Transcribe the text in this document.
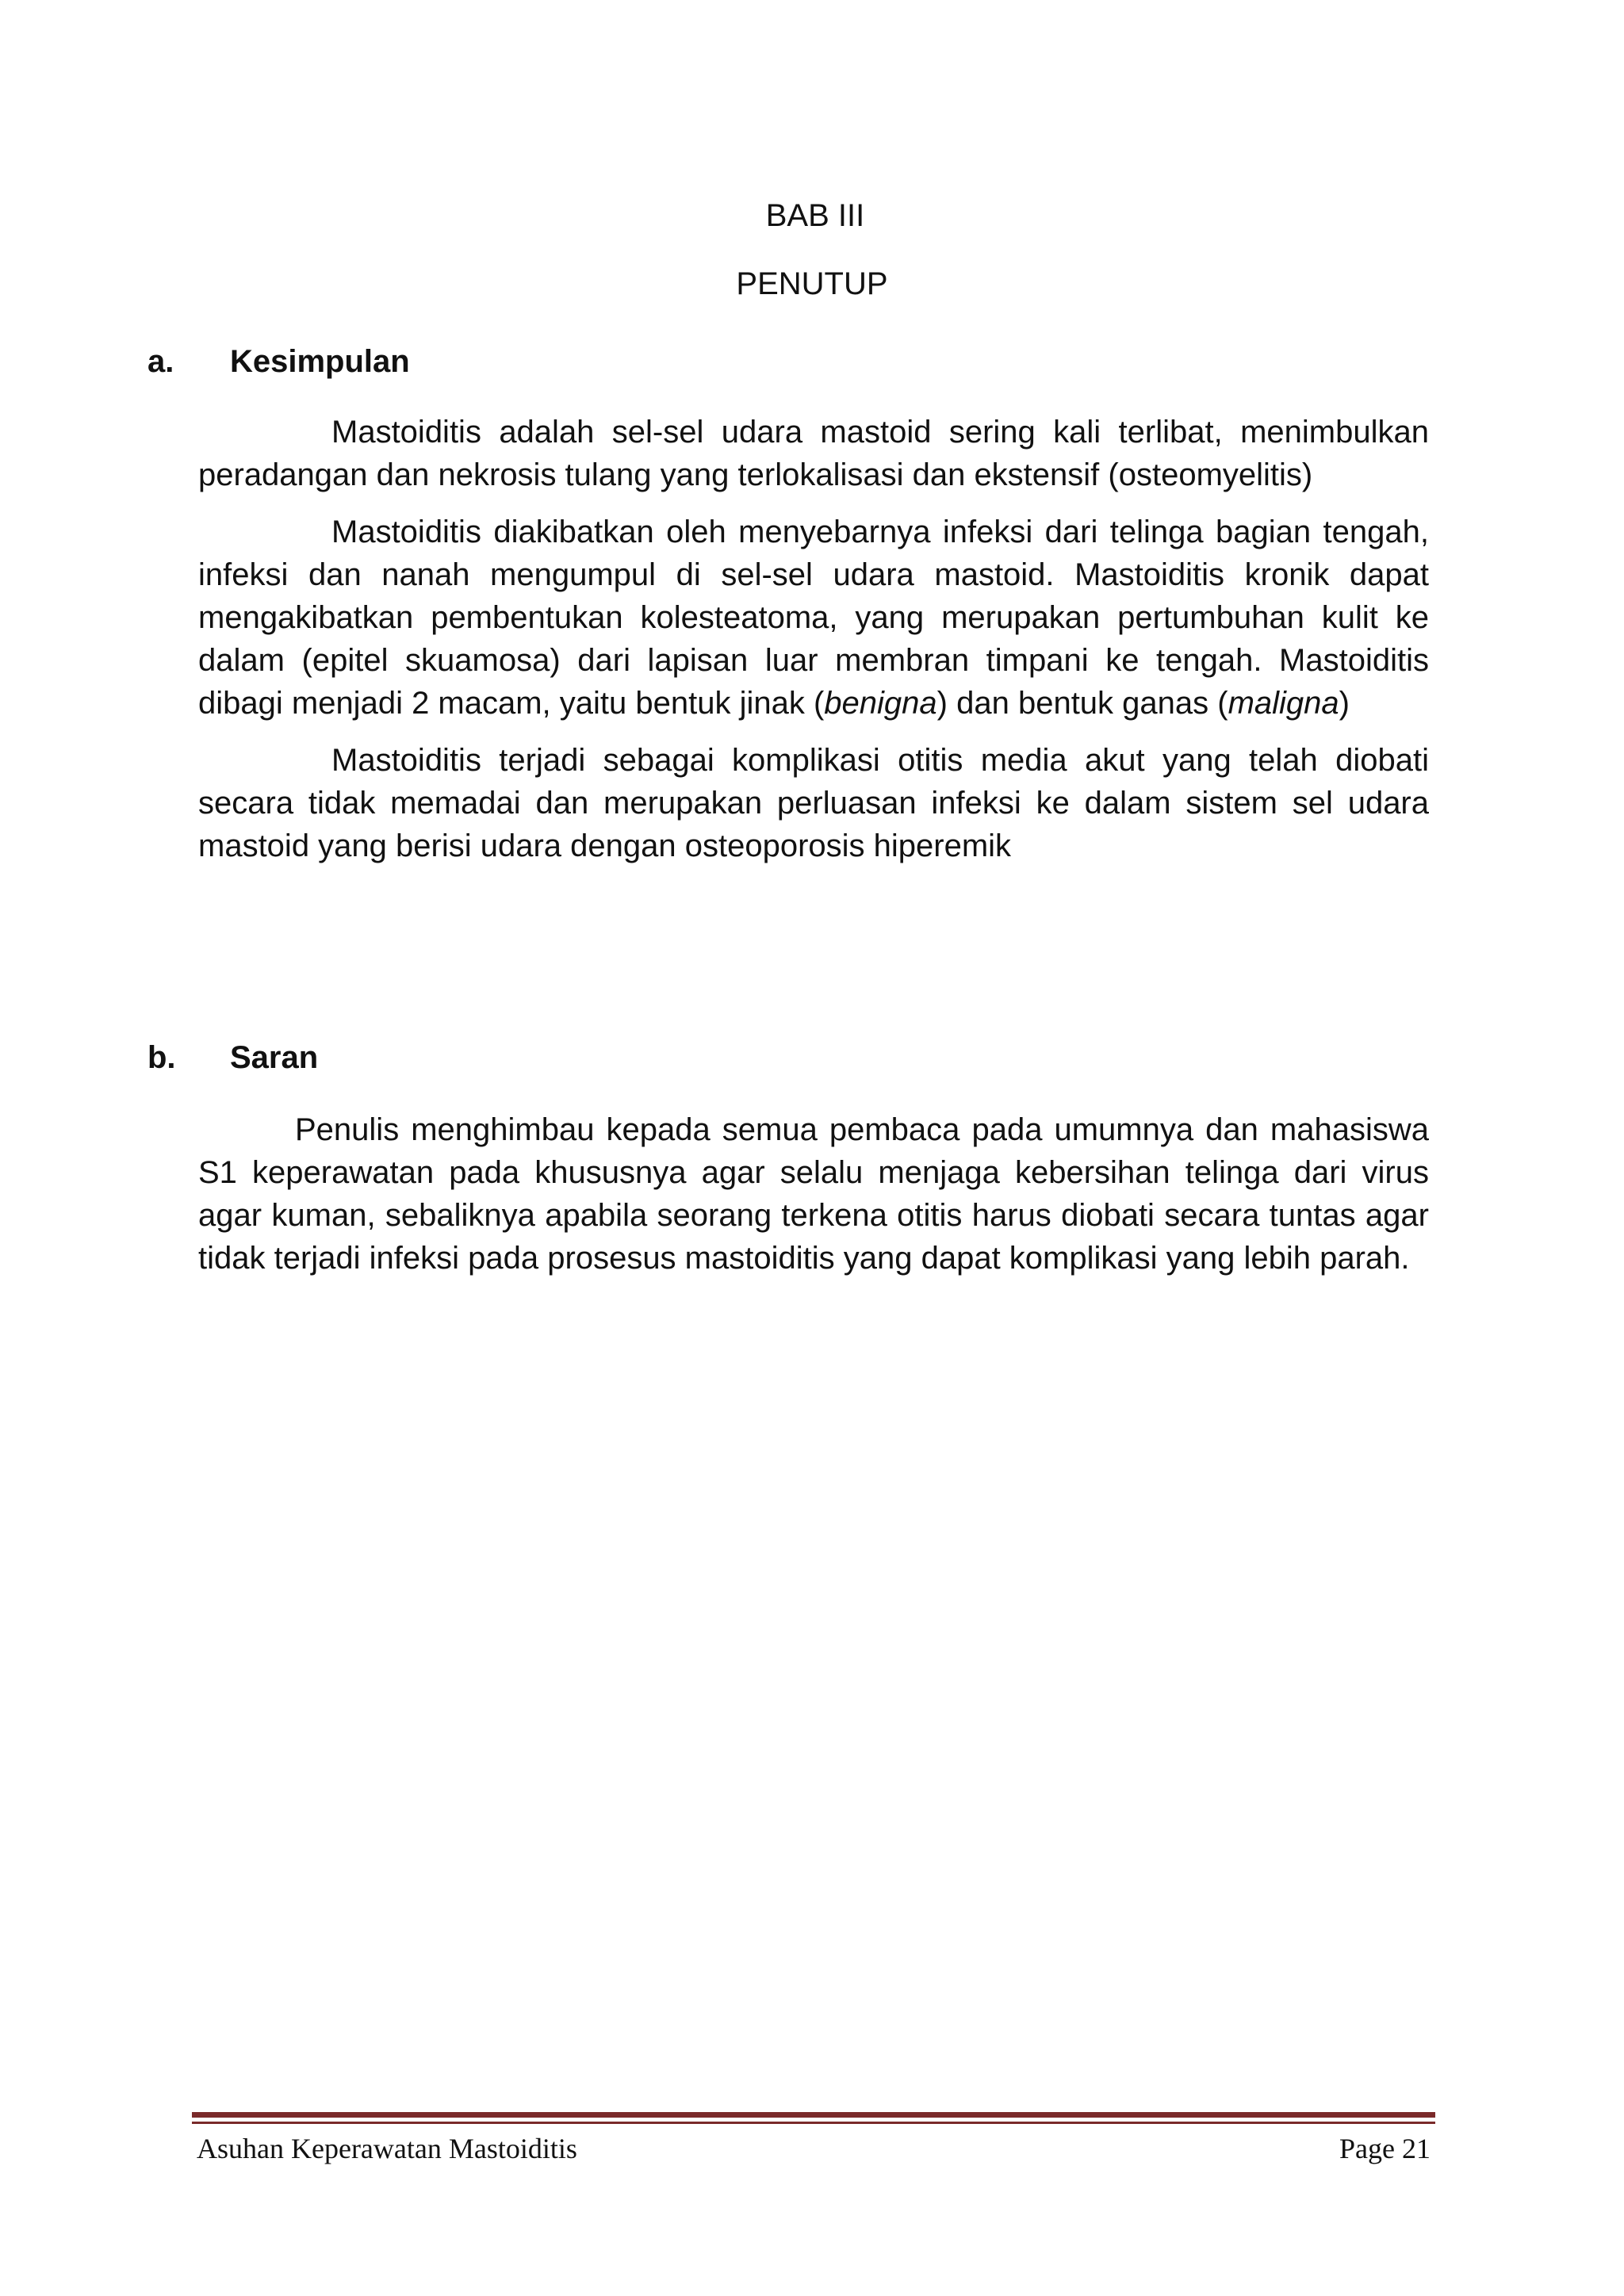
BAB III
PENUTUP
a. Kesimpulan

Mastoiditis adalah sel-sel udara mastoid sering kali terlibat, menimbulkan peradangan dan nekrosis tulang yang terlokalisasi dan ekstensif (osteomyelitis)

Mastoiditis diakibatkan oleh menyebarnya infeksi dari telinga bagian tengah, infeksi dan nanah mengumpul di sel-sel udara mastoid. Mastoiditis kronik dapat mengakibatkan pembentukan kolesteatoma, yang merupakan pertumbuhan kulit ke dalam (epitel skuamosa) dari lapisan luar membran timpani ke tengah. Mastoiditis dibagi menjadi 2 macam, yaitu bentuk jinak (benigna) dan bentuk ganas (maligna)

Mastoiditis terjadi sebagai komplikasi otitis media akut yang telah diobati secara tidak memadai dan merupakan perluasan infeksi ke dalam sistem sel udara mastoid yang berisi udara dengan osteoporosis hiperemik

b. Saran

Penulis menghimbau kepada semua pembaca pada umumnya dan mahasiswa S1 keperawatan pada khususnya agar selalu menjaga kebersihan telinga dari virus agar kuman, sebaliknya apabila seorang terkena otitis harus diobati secara tuntas agar tidak terjadi infeksi pada prosesus mastoiditis yang dapat komplikasi yang lebih parah.

Asuhan Keperawatan Mastoiditis	Page 21
